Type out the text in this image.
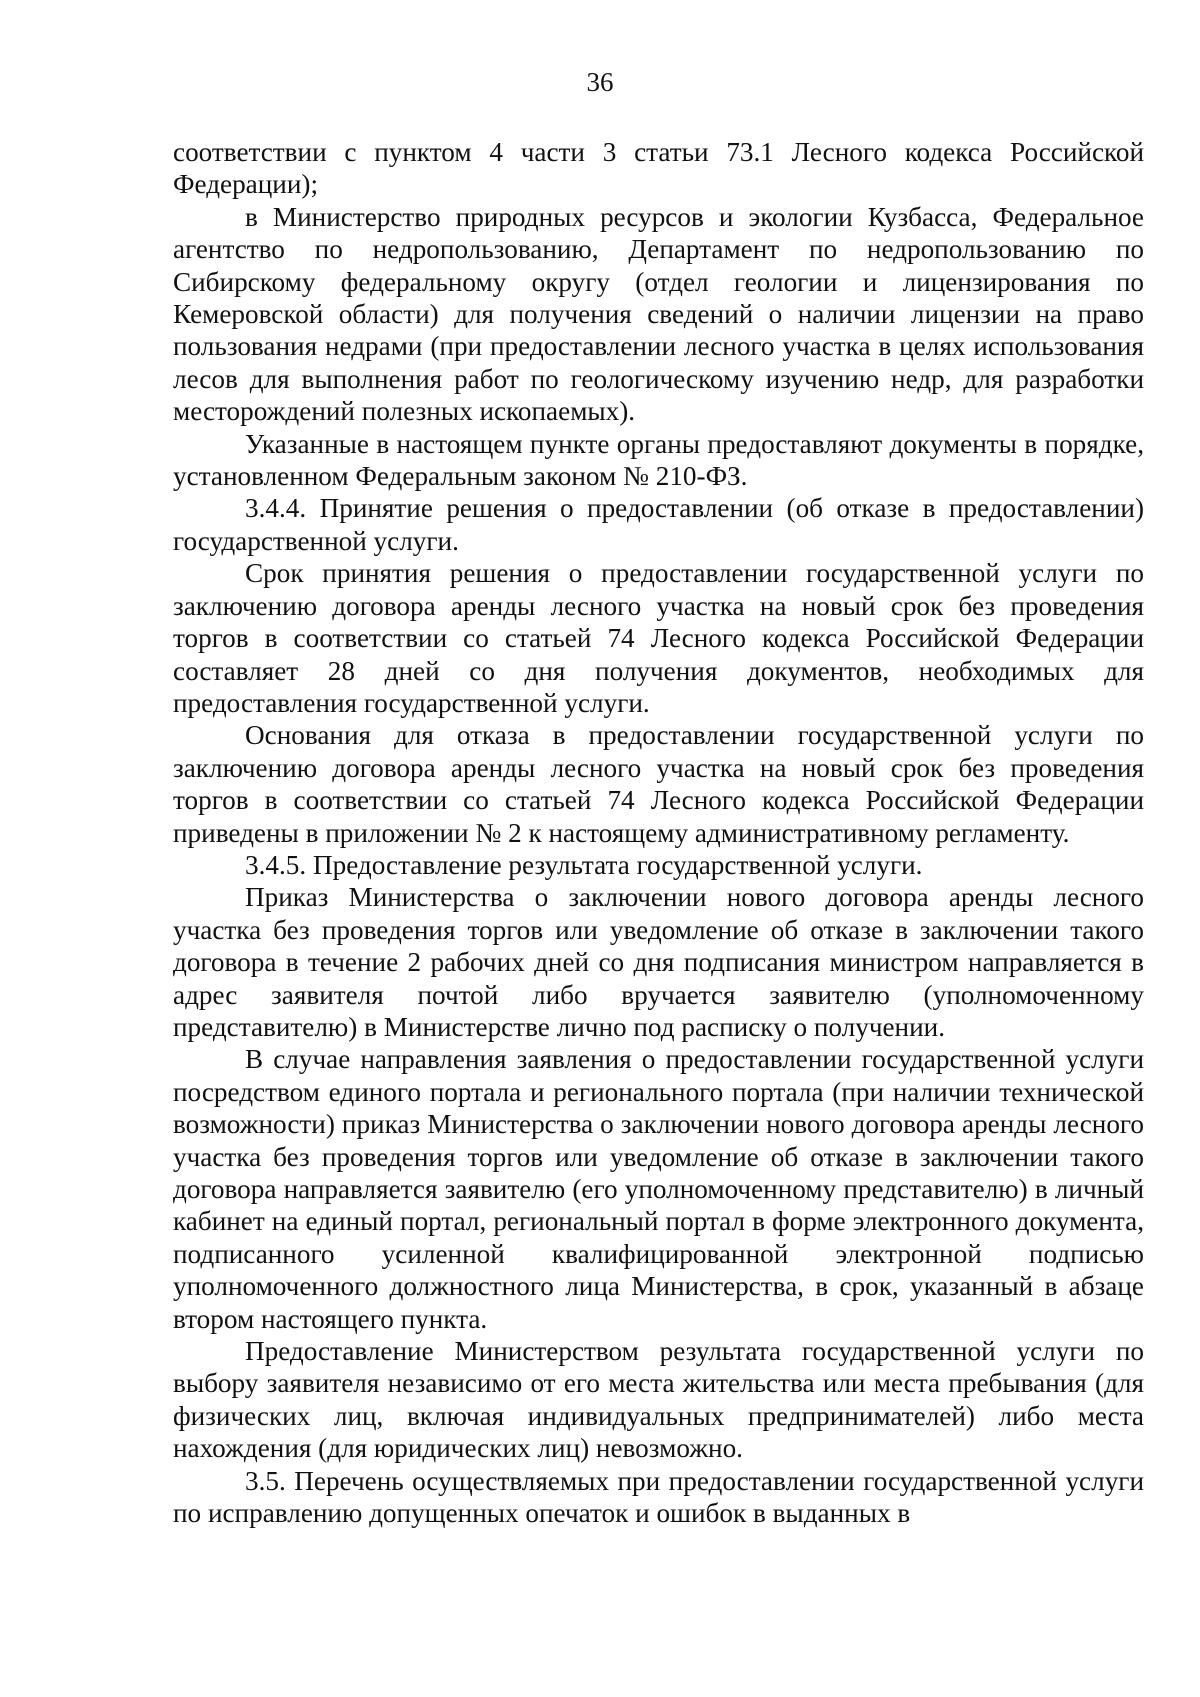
36

соответствии с пунктом 4 части 3 статьи 73.1 Лесного кодекса Российской Федерации);

в Министерство природных ресурсов и экологии Кузбасса, Федеральное агентство по недропользованию, Департамент по недропользованию по Сибирскому федеральному округу (отдел геологии и лицензирования по Кемеровской области) для получения сведений о наличии лицензии на право пользования недрами (при предоставлении лесного участка в целях использования лесов для выполнения работ по геологическому изучению недр, для разработки месторождений полезных ископаемых).

Указанные в настоящем пункте органы предоставляют документы в порядке, установленном Федеральным законом № 210-ФЗ.

3.4.4. Принятие решения о предоставлении (об отказе в предоставлении) государственной услуги.

Срок принятия решения о предоставлении государственной услуги по заключению договора аренды лесного участка на новый срок без проведения торгов в соответствии со статьей 74 Лесного кодекса Российской Федерации составляет 28 дней со дня получения документов, необходимых для предоставления государственной услуги.

Основания для отказа в предоставлении государственной услуги по заключению договора аренды лесного участка на новый срок без проведения торгов в соответствии со статьей 74 Лесного кодекса Российской Федерации приведены в приложении № 2 к настоящему административному регламенту.

3.4.5. Предоставление результата государственной услуги.

Приказ Министерства о заключении нового договора аренды лесного участка без проведения торгов или уведомление об отказе в заключении такого договора в течение 2 рабочих дней со дня подписания министром направляется в адрес заявителя почтой либо вручается заявителю (уполномоченному представителю) в Министерстве лично под расписку о получении.

В случае направления заявления о предоставлении государственной услуги посредством единого портала и регионального портала (при наличии технической возможности) приказ Министерства о заключении нового договора аренды лесного участка без проведения торгов или уведомление об отказе в заключении такого договора направляется заявителю (его уполномоченному представителю) в личный кабинет на единый портал, региональный портал в форме электронного документа, подписанного усиленной квалифицированной электронной подписью уполномоченного должностного лица Министерства, в срок, указанный в абзаце втором настоящего пункта.

Предоставление Министерством результата государственной услуги по выбору заявителя независимо от его места жительства или места пребывания (для физических лиц, включая индивидуальных предпринимателей) либо места нахождения (для юридических лиц) невозможно.

3.5. Перечень осуществляемых при предоставлении государственной услуги по исправлению допущенных опечаток и ошибок в выданных в
